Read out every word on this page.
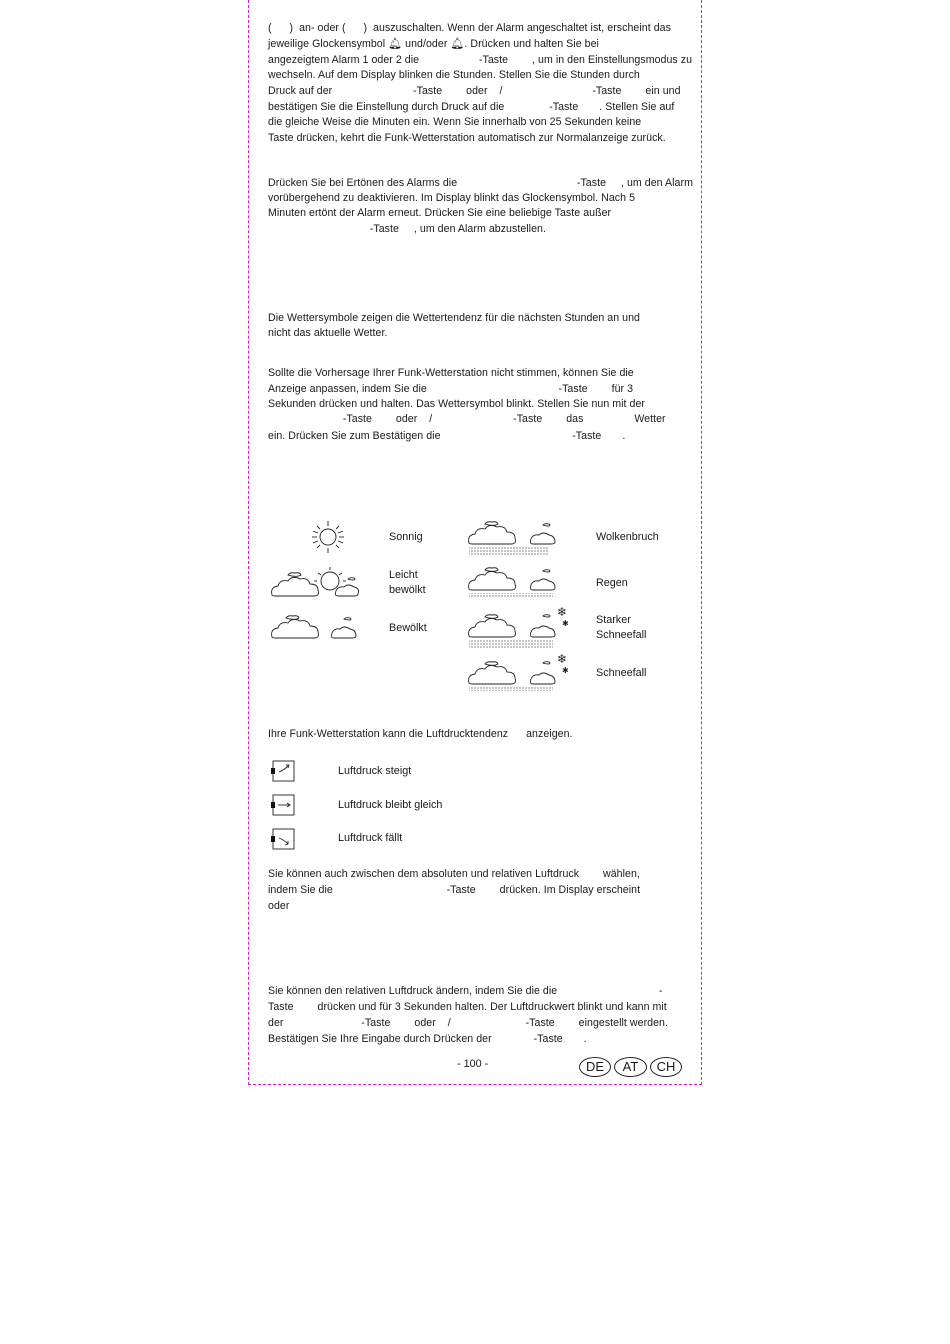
(      )  an- oder (      )  auszuschalten. Wenn der Alarm angeschaltet ist, erscheint das
jeweilige Glockensymbol 🔔︎ und/oder 🔔︎. Drücken und halten Sie bei
angezeigtem Alarm 1 oder 2 die                    -Taste        , um in den Einstellungsmodus zu
wechseln. Auf dem Display blinken die Stunden. Stellen Sie die Stunden durch
Druck auf der                           -Taste        oder    /                              -Taste        ein und
bestätigen Sie die Einstellung durch Druck auf die               -Taste       . Stellen Sie auf
die gleiche Weise die Minuten ein. Wenn Sie innerhalb von 25 Sekunden keine
Taste drücken, kehrt die Funk-Wetterstation automatisch zur Normalanzeige zurück.
Drücken Sie bei Ertönen des Alarms die                                        -Taste     , um den Alarm
vorübergehend zu deaktivieren. Im Display blinkt das Glockensymbol. Nach 5
Minuten ertönt der Alarm erneut. Drücken Sie eine beliebige Taste außer
-Taste     , um den Alarm abzustellen.
Die Wettersymbole zeigen die Wettertendenz für die nächsten Stunden an und
nicht das aktuelle Wetter.
Sollte die Vorhersage Ihrer Funk-Wetterstation nicht stimmen, können Sie die
Anzeige anpassen, indem Sie die                                            -Taste        für 3
Sekunden drücken und halten. Das Wettersymbol blinkt. Stellen Sie nun mit der
-Taste        oder    /                           -Taste        das                 Wetter
ein. Drücken Sie zum Bestätigen die                                            -Taste       .
Sonnig
Leicht
bewölkt
Bewölkt
Wolkenbruch
Regen
❄
✱	Starker
Schneefall
❄
✱	Schneefall
Ihre Funk-Wetterstation kann die Luftdrucktendenz      anzeigen.
Luftdruck steigt
Luftdruck bleibt gleich
Luftdruck fällt
Sie können auch zwischen dem absoluten und relativen Luftdruck        wählen,
indem Sie die                                      -Taste        drücken. Im Display erscheint
oder
Sie können den relativen Luftdruck ändern, indem Sie die die                                  -
Taste        drücken und für 3 Sekunden halten. Der Luftdruckwert blinkt und kann mit
der                          -Taste        oder    /                         -Taste        eingestellt werden.
Bestätigen Sie Ihre Eingabe durch Drücken der              -Taste       .
- 100 -	DE	AT	CH
